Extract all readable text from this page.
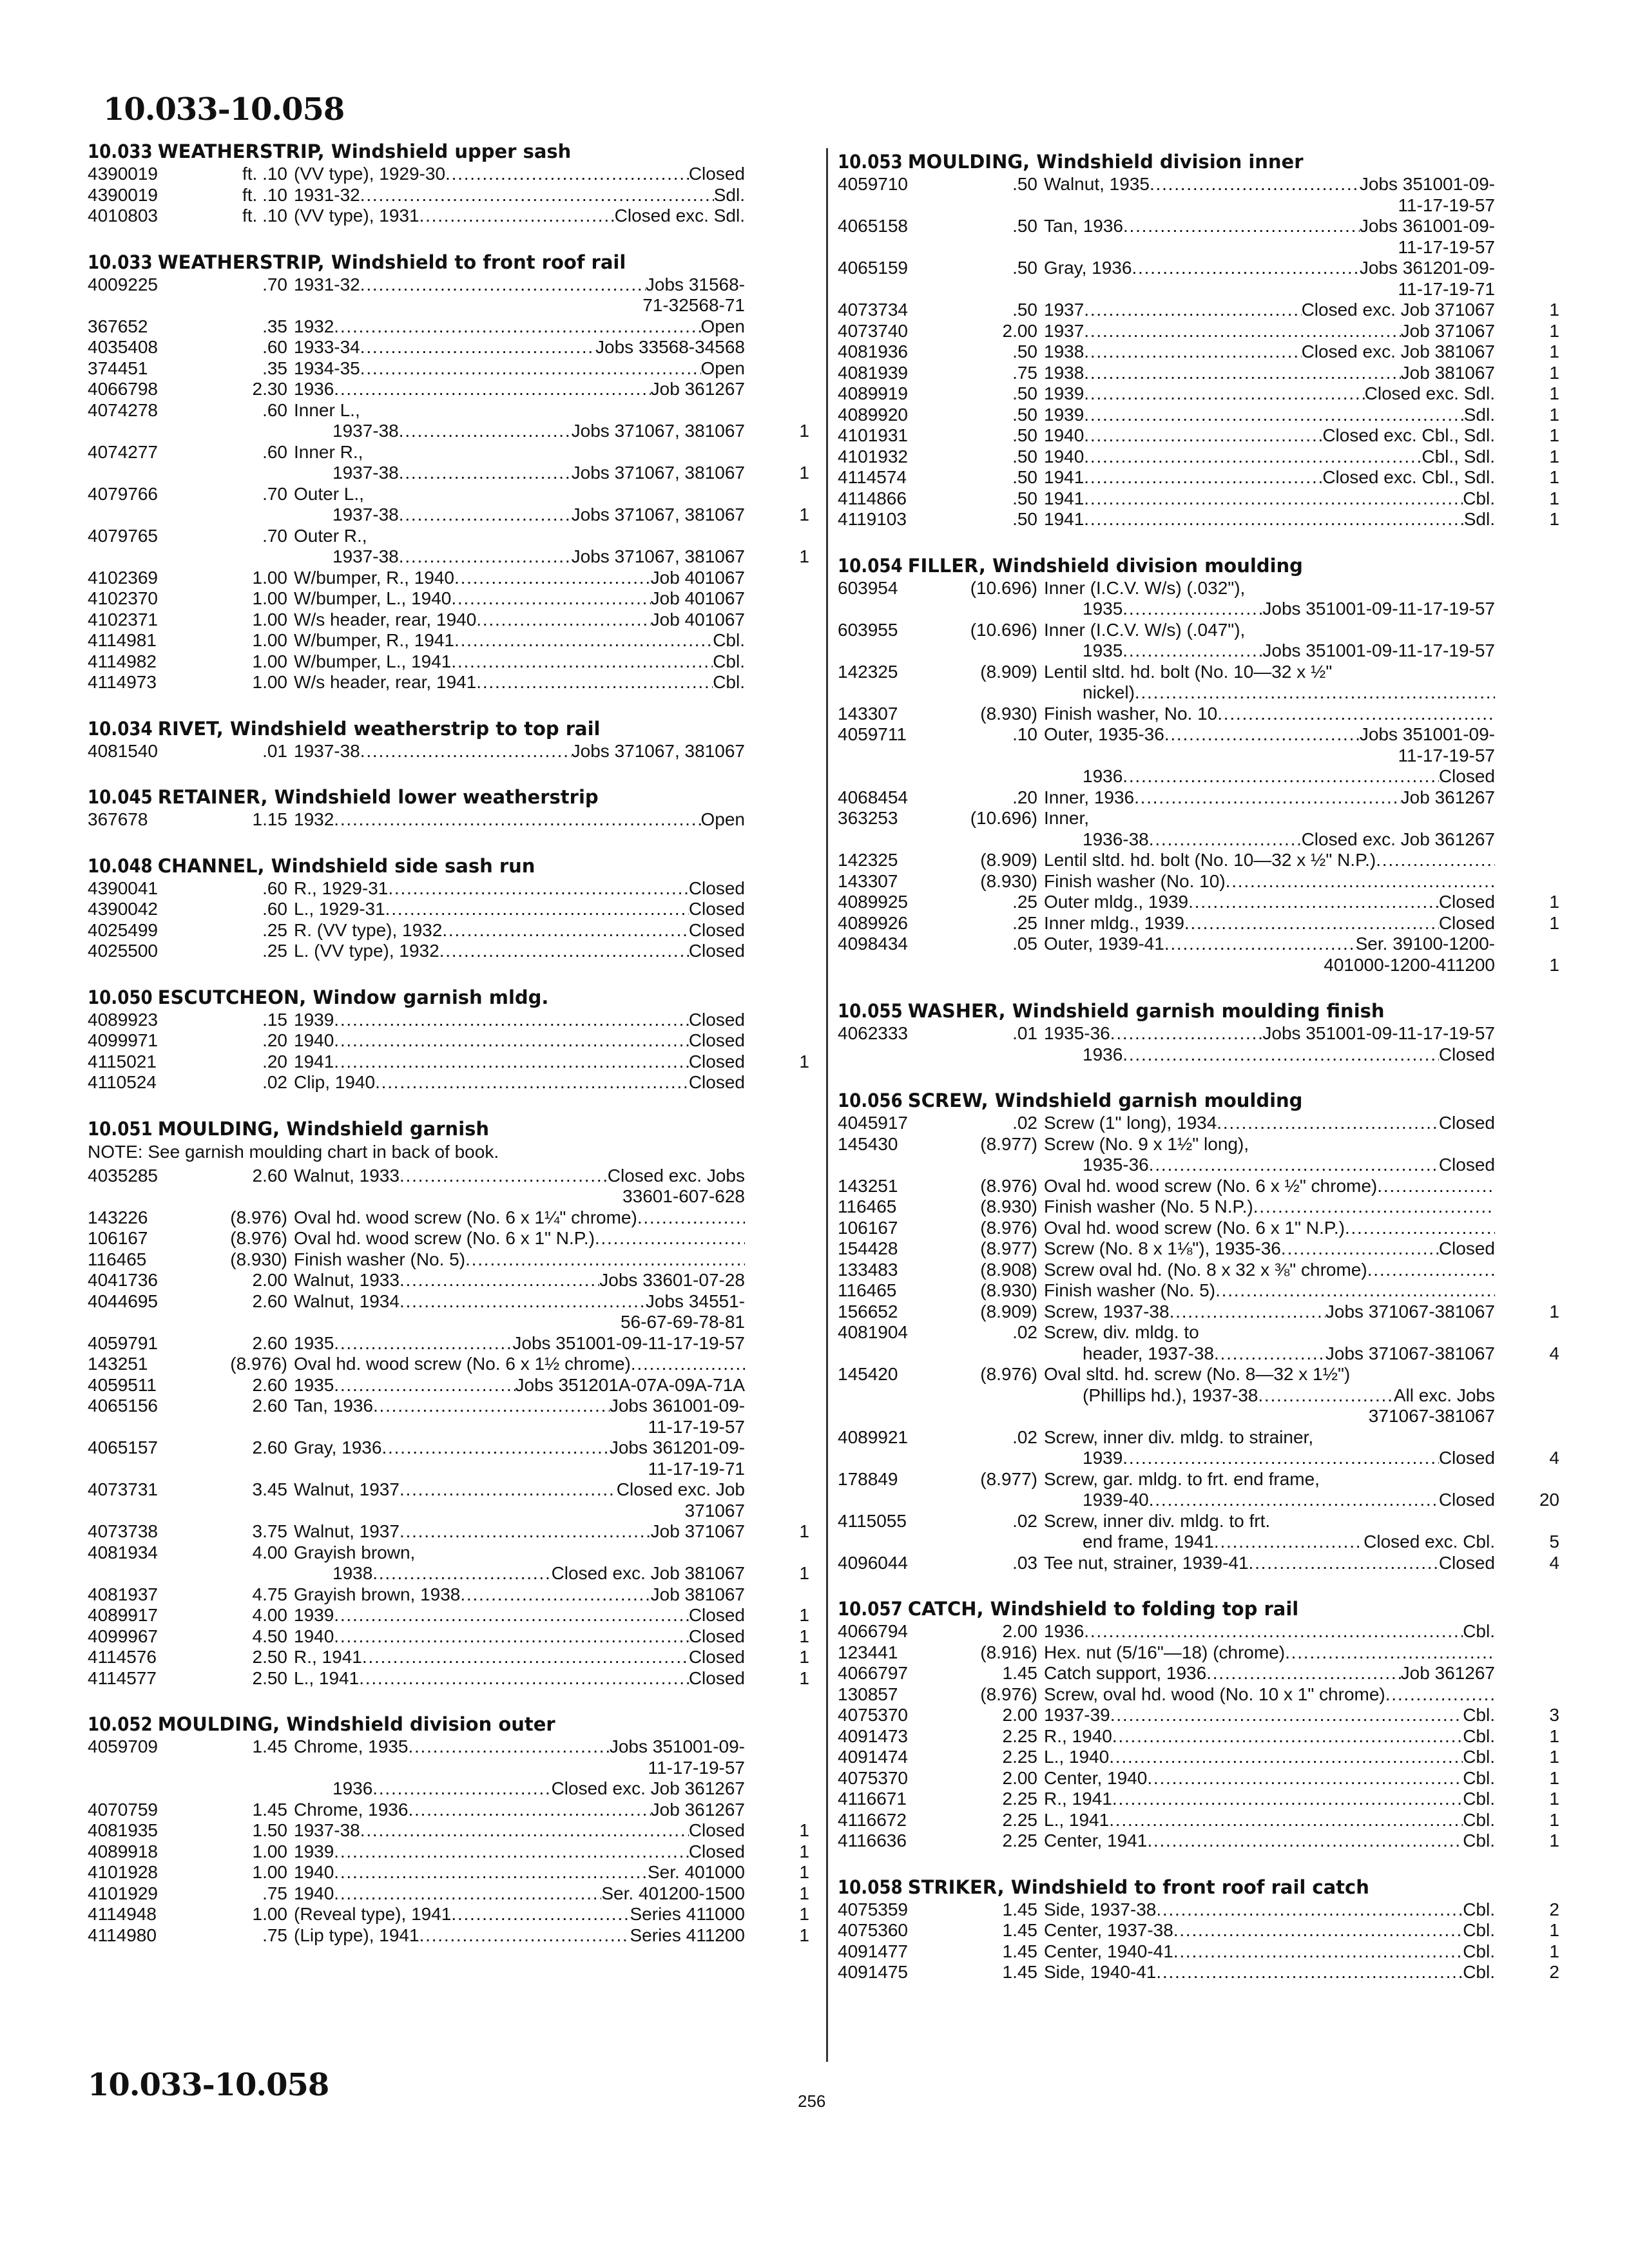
10.033-10.058
10.033 WEATHERSTRIP, Windshield upper sash
4390019	ft. .10 (VV type), 1929-30 . . .	Closed
4390019	ft. .10 1931-32 . . .	Sdl.
4010803	ft. .10 (VV type), 1931 . . .	Closed exc. Sdl.
10.033 WEATHERSTRIP, Windshield to front roof rail
4009225	.70 1931-32 . . .	Jobs 31568-
71-32568-71
367652	.35 1932 . . .	Open
4035408	.60 1933-34 . . .	Jobs 33568-34568
374451	.35 1934-35 . . .	Open
4066798	2.30 1936 . . .	Job 361267
4074278	.60 Inner L.,
1937-38 . . .	Jobs 371067, 381067	1
4074277	.60 Inner R.,
1937-38 . . .	Jobs 371067, 381067	1
4079766	.70 Outer L.,
1937-38 . . .	Jobs 371067, 381067	1
4079765	.70 Outer R.,
1937-38 . . .	Jobs 371067, 381067	1
4102369	1.00 W/bumper, R., 1940 . . .	Job 401067
4102370	1.00 W/bumper, L., 1940 . . .	Job 401067
4102371	1.00 W/s header, rear, 1940 . . .	Job 401067
4114981	1.00 W/bumper, R., 1941 . . .	Cbl.
4114982	1.00 W/bumper, L., 1941 . . .	Cbl.
4114973	1.00 W/s header, rear, 1941 . . .	Cbl.
10.034 RIVET, Windshield weatherstrip to top rail
4081540	.01 1937-38 . . .	Jobs 371067, 381067
10.045 RETAINER, Windshield lower weatherstrip
367678	1.15 1932 . . .	Open
10.048 CHANNEL, Windshield side sash run
4390041	.60 R., 1929-31 . . .	Closed
4390042	.60 L., 1929-31 . . .	Closed
4025499	.25 R. (VV type), 1932 . . .	Closed
4025500	.25 L. (VV type), 1932 . . .	Closed
10.050 ESCUTCHEON, Window garnish mldg.
4089923	.15 1939 . . .	Closed
4099971	.20 1940 . . .	Closed
4115021	.20 1941 . . .	Closed	1
4110524	.02 Clip, 1940 . . .	Closed
10.051 MOULDING, Windshield garnish
NOTE: See garnish moulding chart in back of book.
4035285	2.60 Walnut, 1933 . . .	Closed exc. Jobs
33601-607-628
143226	(8.976) Oval hd. wood screw (No. 6 x 1¼" chrome)
. . .
106167	(8.976) Oval hd. wood screw (No. 6 x 1" N.P.)
. . .
116465	(8.930) Finish washer (No. 5)
. . .
4041736	2.00 Walnut, 1933 . . .	Jobs 33601-07-28
4044695	2.60 Walnut, 1934 . . .	Jobs 34551-
56-67-69-78-81
4059791	2.60 1935 . . .	Jobs 351001-09-11-17-19-57
143251	(8.976) Oval hd. wood screw (No. 6 x 1½ chrome)
. . .
4059511	2.60 1935 . . .	Jobs 351201A-07A-09A-71A
4065156	2.60 Tan, 1936 . . .	Jobs 361001-09-
11-17-19-57
4065157	2.60 Gray, 1936 . . .	Jobs 361201-09-
11-17-19-71
4073731	3.45 Walnut, 1937 . . .	Closed exc. Job
371067
4073738	3.75 Walnut, 1937 . . .	Job 371067	1
4081934	4.00 Grayish brown,
1938 . . .	Closed exc. Job 381067	1
4081937	4.75 Grayish brown, 1938 . . .	Job 381067
4089917	4.00 1939 . . .	Closed	1
4099967	4.50 1940 . . .	Closed	1
4114576	2.50 R., 1941 . . .	Closed	1
4114577	2.50 L., 1941 . . .	Closed	1
10.052 MOULDING, Windshield division outer
4059709	1.45 Chrome, 1935 . . .	Jobs 351001-09-
11-17-19-57
1936 . . .	Closed exc. Job 361267
4070759	1.45 Chrome, 1936 . . .	Job 361267
4081935	1.50 1937-38 . . .	Closed	1
4089918	1.00 1939 . . .	Closed	1
4101928	1.00 1940 . . .	Ser. 401000	1
4101929	.75 1940 . . .	Ser. 401200-1500	1
4114948	1.00 (Reveal type), 1941 . . .	Series 411000	1
4114980	.75 (Lip type), 1941 . . .	Series 411200	1
10.053 MOULDING, Windshield division inner
4059710	.50 Walnut, 1935 . . .	Jobs 351001-09-
11-17-19-57
4065158	.50 Tan, 1936 . . .	Jobs 361001-09-
11-17-19-57
4065159	.50 Gray, 1936 . . .	Jobs 361201-09-
11-17-19-71
4073734	.50 1937 . . .	Closed exc. Job 371067	1
4073740	2.00 1937 . . .	Job 371067	1
4081936	.50 1938 . . .	Closed exc. Job 381067	1
4081939	.75 1938 . . .	Job 381067	1
4089919	.50 1939 . . .	Closed exc. Sdl.	1
4089920	.50 1939 . . .	Sdl.	1
4101931	.50 1940 . . .	Closed exc. Cbl., Sdl.	1
4101932	.50 1940 . . .	Cbl., Sdl.	1
4114574	.50 1941 . . .	Closed exc. Cbl., Sdl.	1
4114866	.50 1941 . . .	Cbl.	1
4119103	.50 1941 . . .	Sdl.	1
10.054 FILLER, Windshield division moulding
603954	(10.696) Inner (I.C.V. W/s) (.032"),
1935 . . .	Jobs 351001-09-11-17-19-57
603955	(10.696) Inner (I.C.V. W/s) (.047"),
1935 . . .	Jobs 351001-09-11-17-19-57
142325	(8.909) Lentil sltd. hd. bolt (No. 10—32 x ½"
nickel)
. . .
143307	(8.930) Finish washer, No. 10
. . .
4059711	.10 Outer, 1935-36 . . .	Jobs 351001-09-
11-17-19-57
1936 . . .	Closed
4068454	.20 Inner, 1936 . . .	Job 361267
363253	(10.696) Inner,
1936-38 . . .	Closed exc. Job 361267
142325	(8.909) Lentil sltd. hd. bolt (No. 10—32 x ½" N.P.)
. . .
143307	(8.930) Finish washer (No. 10)
. . .
4089925	.25 Outer mldg., 1939 . . .	Closed	1
4089926	.25 Inner mldg., 1939 . . .	Closed	1
4098434	.05 Outer, 1939-41 . . .	Ser. 39100-1200-
401000-1200-411200	1
10.055 WASHER, Windshield garnish moulding finish
4062333	.01 1935-36 . . .	Jobs 351001-09-11-17-19-57
1936 . . .	Closed
10.056 SCREW, Windshield garnish moulding
4045917	.02 Screw (1" long), 1934 . . .	Closed
145430	(8.977) Screw (No. 9 x 1½" long),
1935-36 . . .	Closed
143251	(8.976) Oval hd. wood screw (No. 6 x ½" chrome)
. . .
116465	(8.930) Finish washer (No. 5 N.P.)
. . .
106167	(8.976) Oval hd. wood screw (No. 6 x 1" N.P.)
. . .
154428	(8.977) Screw (No. 8 x 1⅛"), 1935-36 . . .	Closed
133483	(8.908) Screw oval hd. (No. 8 x 32 x ⅜" chrome)
. . .
116465	(8.930) Finish washer (No. 5)
. . .
156652	(8.909) Screw, 1937-38 . . .	Jobs 371067-381067	1
4081904	.02 Screw, div. mldg. to
header, 1937-38 . . .	Jobs 371067-381067	4
145420	(8.976) Oval sltd. hd. screw (No. 8—32 x 1½")
(Phillips hd.), 1937-38 . . .	All exc. Jobs
371067-381067
4089921	.02 Screw, inner div. mldg. to strainer,
1939 . . .	Closed	4
178849	(8.977) Screw, gar. mldg. to frt. end frame,
1939-40 . . .	Closed	20
4115055	.02 Screw, inner div. mldg. to frt.
end frame, 1941 . . .	Closed exc. Cbl.	5
4096044	.03 Tee nut, strainer, 1939-41 . . .	Closed	4
10.057 CATCH, Windshield to folding top rail
4066794	2.00 1936 . . .	Cbl.
123441	(8.916) Hex. nut (5/16"—18) (chrome)
. . .
4066797	1.45 Catch support, 1936 . . .	Job 361267
130857	(8.976) Screw, oval hd. wood (No. 10 x 1" chrome)
. . .
4075370	2.00 1937-39 . . .	Cbl.	3
4091473	2.25 R., 1940 . . .	Cbl.	1
4091474	2.25 L., 1940 . . .	Cbl.	1
4075370	2.00 Center, 1940 . . .	Cbl.	1
4116671	2.25 R., 1941 . . .	Cbl.	1
4116672	2.25 L., 1941 . . .	Cbl.	1
4116636	2.25 Center, 1941 . . .	Cbl.	1
10.058 STRIKER, Windshield to front roof rail catch
4075359	1.45 Side, 1937-38 . . .	Cbl.	2
4075360	1.45 Center, 1937-38 . . .	Cbl.	1
4091477	1.45 Center, 1940-41 . . .	Cbl.	1
4091475	1.45 Side, 1940-41 . . .	Cbl.	2
10.033-10.058	256
